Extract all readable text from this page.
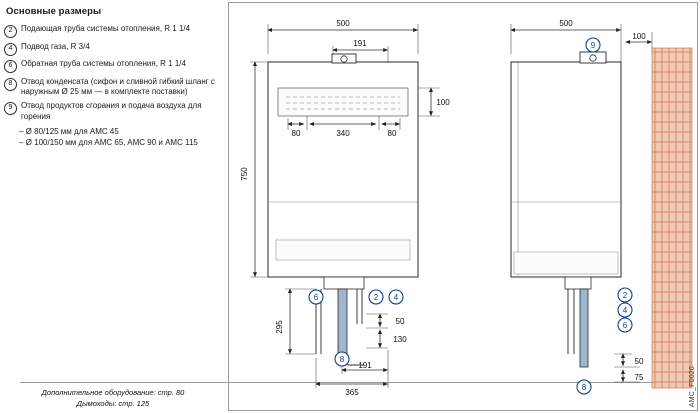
Основные размеры
2	Подающая труба системы отопления, R 1 1/4
4	Подвод газа, R 3/4
6	Обратная труба системы отопления, R 1 1/4
8	Отвод конденсата (сифон и сливной гибкий шланг с наружным Ø 25 мм — в комплекте поставки)
9	Отвод продуктов сгорания и подача воздуха для горения
– Ø 80/125 мм для AMC 45
– Ø 100/150 мм для AMC 65, AMC 90 и AMC 115
Дополнительное оборудование: стр. 80
Дымоходы: стр. 125
500
191
100
80	340	80
750
295	50
130
191
365
500
100
50
75
6	2 4
8
9
2
4
6
8	AMC_F0020
